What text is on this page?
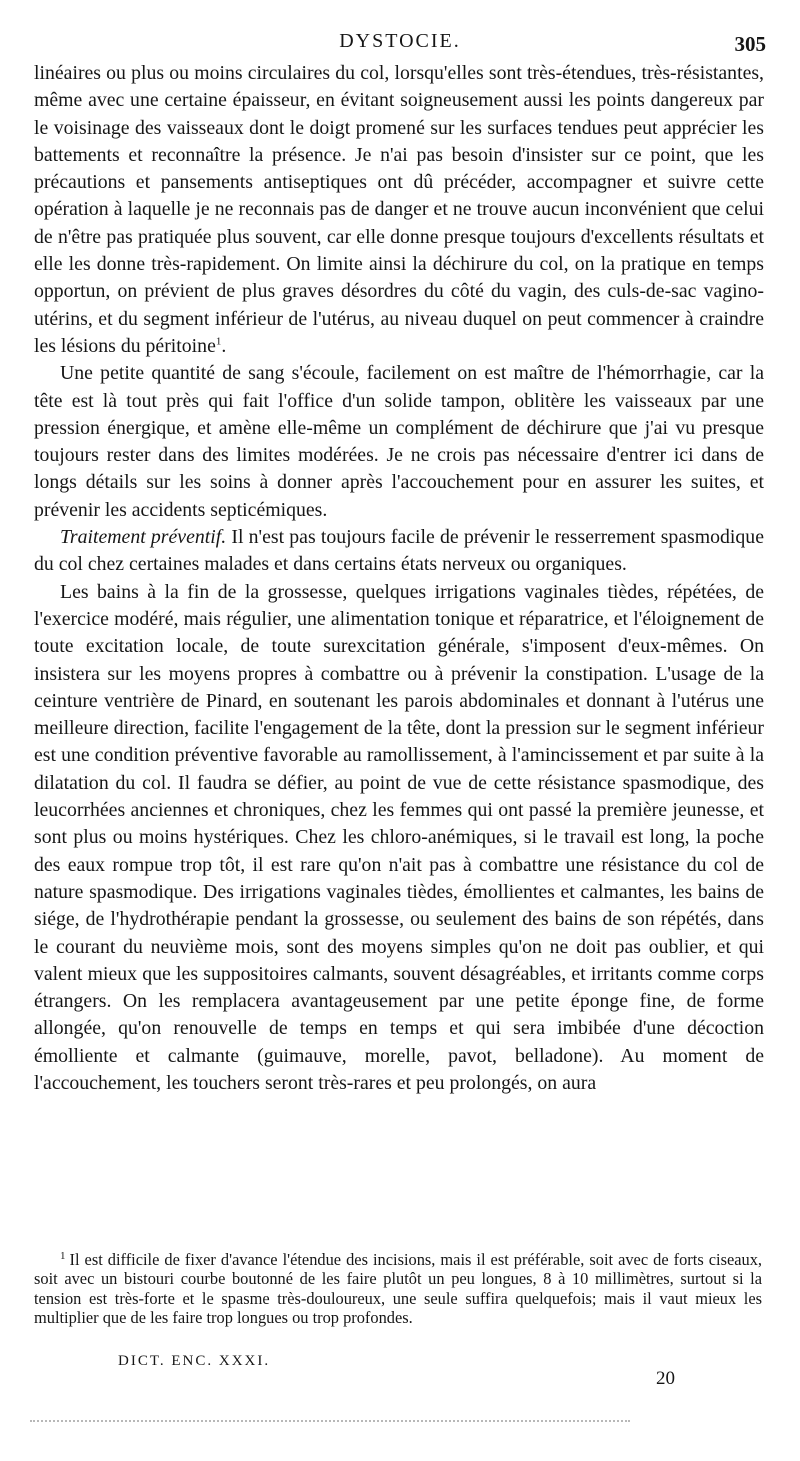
DYSTOCIE.	305

linéaires ou plus ou moins circulaires du col, lorsqu'elles sont très-étendues, très-résistantes, même avec une certaine épaisseur, en évitant soigneusement aussi les points dangereux par le voisinage des vaisseaux dont le doigt promené sur les surfaces tendues peut apprécier les battements et reconnaître la présence. Je n'ai pas besoin d'insister sur ce point, que les précautions et pansements antiseptiques ont dû précéder, accompagner et suivre cette opération à laquelle je ne reconnais pas de danger et ne trouve aucun inconvénient que celui de n'être pas pratiquée plus souvent, car elle donne presque toujours d'excellents résultats et elle les donne très-rapidement. On limite ainsi la déchirure du col, on la pratique en temps opportun, on prévient de plus graves désordres du côté du vagin, des culs-de-sac vagino-utérins, et du segment inférieur de l'utérus, au niveau duquel on peut commencer à craindre les lésions du péritoine$^1$.

Une petite quantité de sang s'écoule, facilement on est maître de l'hémorrhagie, car la tête est là tout près qui fait l'office d'un solide tampon, oblitère les vaisseaux par une pression énergique, et amène elle-même un complément de déchirure que j'ai vu presque toujours rester dans des limites modérées. Je ne crois pas nécessaire d'entrer ici dans de longs détails sur les soins à donner après l'accouchement pour en assurer les suites, et prévenir les accidents septicémiques.

Traitement préventif. Il n'est pas toujours facile de prévenir le resserrement spasmodique du col chez certaines malades et dans certains états nerveux ou organiques.

Les bains à la fin de la grossesse, quelques irrigations vaginales tièdes, répétées, de l'exercice modéré, mais régulier, une alimentation tonique et réparatrice, et l'éloignement de toute excitation locale, de toute surexcitation générale, s'imposent d'eux-mêmes. On insistera sur les moyens propres à combattre ou à prévenir la constipation. L'usage de la ceinture ventrière de Pinard, en soutenant les parois abdominales et donnant à l'utérus une meilleure direction, facilite l'engagement de la tête, dont la pression sur le segment inférieur est une condition préventive favorable au ramollissement, à l'amincissement et par suite à la dilatation du col. Il faudra se défier, au point de vue de cette résistance spasmodique, des leucorrhées anciennes et chroniques, chez les femmes qui ont passé la première jeunesse, et sont plus ou moins hystériques. Chez les chloro-anémiques, si le travail est long, la poche des eaux rompue trop tôt, il est rare qu'on n'ait pas à combattre une résistance du col de nature spasmodique. Des irrigations vaginales tièdes, émollientes et calmantes, les bains de siége, de l'hydrothérapie pendant la grossesse, ou seulement des bains de son répétés, dans le courant du neuvième mois, sont des moyens simples qu'on ne doit pas oublier, et qui valent mieux que les suppositoires calmants, souvent désagréables, et irritants comme corps étrangers. On les remplacera avantageusement par une petite éponge fine, de forme allongée, qu'on renouvelle de temps en temps et qui sera imbibée d'une décoction émolliente et calmante (guimauve, morelle, pavot, belladone). Au moment de l'accouchement, les touchers seront très-rares et peu prolongés, on aura

$^1$ Il est difficile de fixer d'avance l'étendue des incisions, mais il est préférable, soit avec de forts ciseaux, soit avec un bistouri courbe boutonné de les faire plutôt un peu longues, 8 à 10 millimètres, surtout si la tension est très-forte et le spasme très-douloureux, une seule suffira quelquefois; mais il vaut mieux les multiplier que de les faire trop longues ou trop profondes.
DICT. ENC. XXXI.
20
